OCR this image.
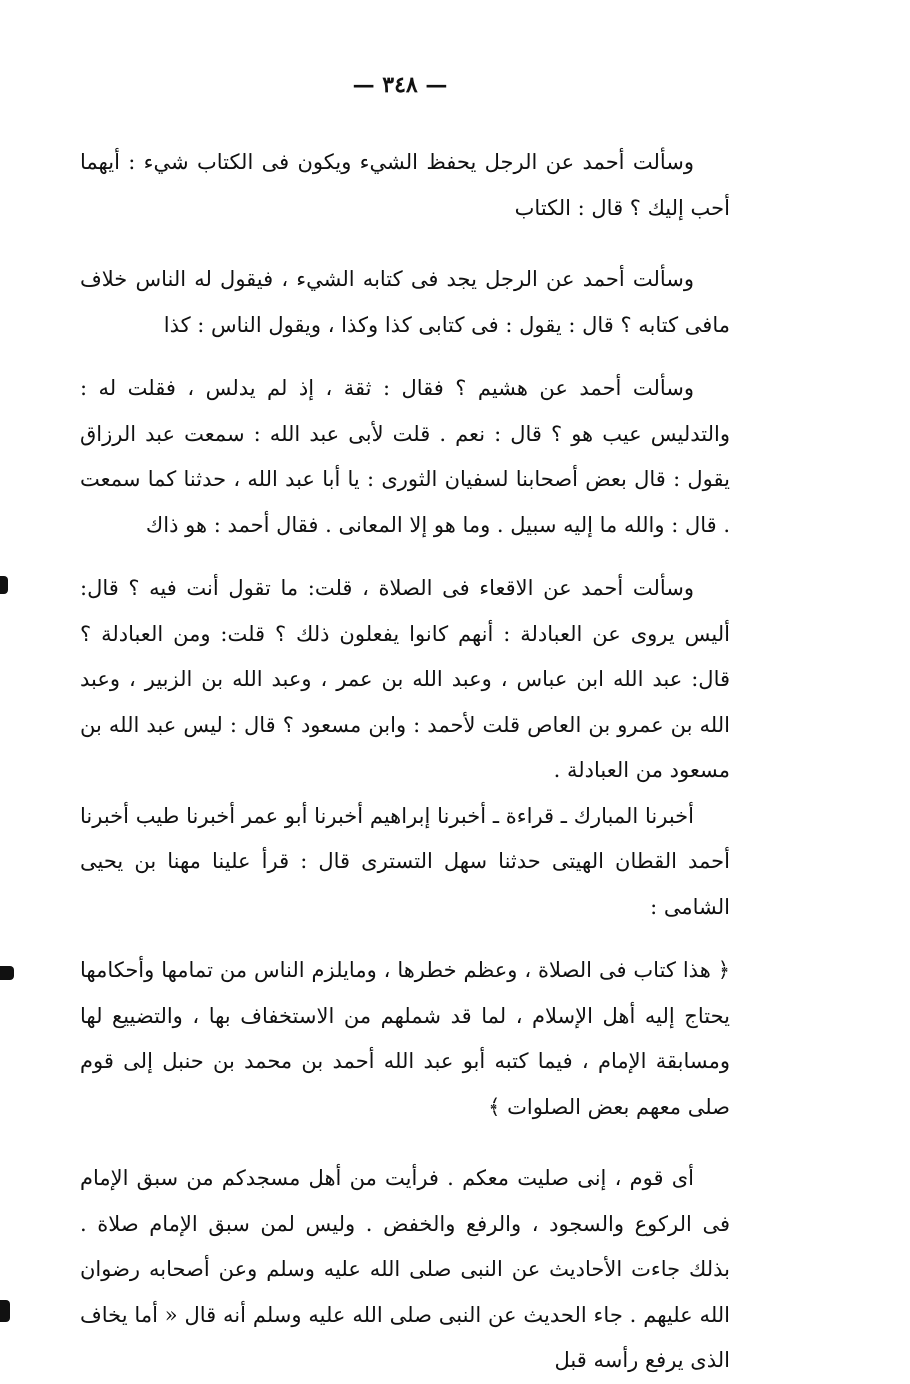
— ٣٤٨ —

وسألت أحمد عن الرجل يحفظ الشيء ويكون فى الكتاب شيء : أيهما أحب إليك ؟ قال : الكتاب

وسألت أحمد عن الرجل يجد فى كتابه الشيء ، فيقول له الناس خلاف مافى كتابه ؟ قال : يقول : فى كتابى كذا وكذا ، ويقول الناس : كذا

وسألت أحمد عن هشيم ؟ فقال : ثقة ، إذ لم يدلس ، فقلت له : والتدليس عيب هو ؟ قال : نعم . قلت لأبى عبد الله : سمعت عبد الرزاق يقول : قال بعض أصحابنا لسفيان الثورى : يا أبا عبد الله ، حدثنا كما سمعت . قال : والله ما إليه سبيل . وما هو إلا المعانى . فقال أحمد : هو ذاك

وسألت أحمد عن الاقعاء فى الصلاة ، قلت: ما تقول أنت فيه ؟ قال: أليس يروى عن العبادلة : أنهم كانوا يفعلون ذلك ؟ قلت: ومن العبادلة ؟ قال: عبد الله ابن عباس ، وعبد الله بن عمر ، وعبد الله بن الزبير ، وعبد الله بن عمرو بن العاص قلت لأحمد : وابن مسعود ؟ قال : ليس عبد الله بن مسعود من العبادلة .

أخبرنا المبارك ـ قراءة ـ أخبرنا إبراهيم أخبرنا أبو عمر أخبرنا طيب أخبرنا أحمد القطان الهيتى حدثنا سهل التسترى قال : قرأ علينا مهنا بن يحيى الشامى :

﴿ هذا كتاب فى الصلاة ، وعظم خطرها ، ومايلزم الناس من تمامها وأحكامها يحتاج إليه أهل الإسلام ، لما قد شملهم من الاستخفاف بها ، والتضييع لها ومسابقة الإمام ، فيما كتبه أبو عبد الله أحمد بن محمد بن حنبل إلى قوم صلى معهم بعض الصلوات ﴾

أى قوم ، إنى صليت معكم . فرأيت من أهل مسجدكم من سبق الإمام فى الركوع والسجود ، والرفع والخفض . وليس لمن سبق الإمام صلاة . بذلك جاءت الأحاديث عن النبى صلى الله عليه وسلم وعن أصحابه رضوان الله عليهم . جاء الحديث عن النبى صلى الله عليه وسلم أنه قال « أما يخاف الذى يرفع رأسه قبل
